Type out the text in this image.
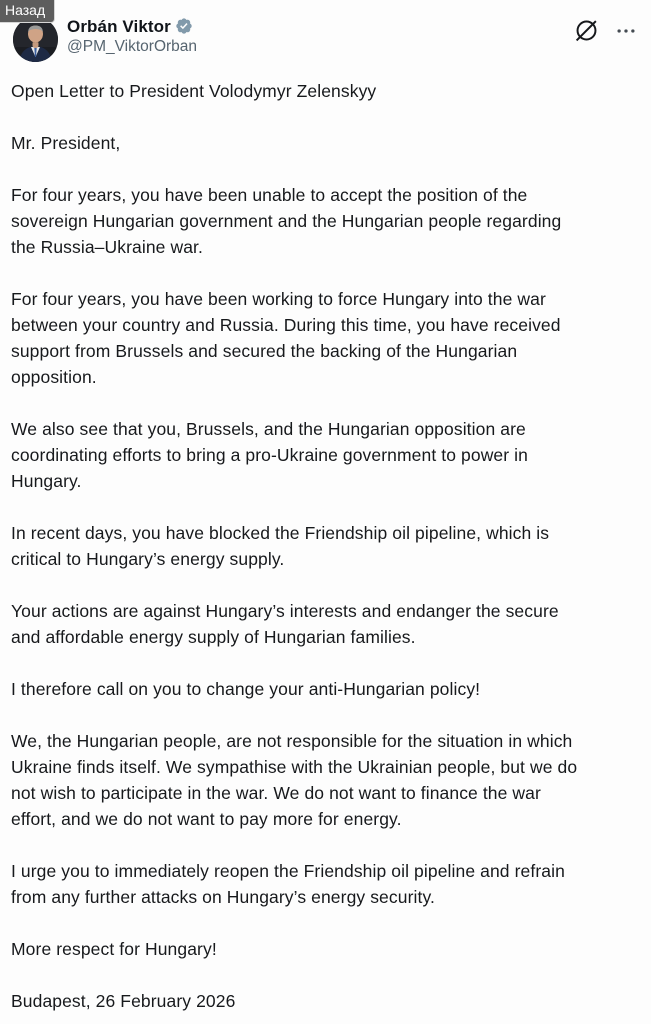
Назад
Orbán Viktor
@PM_ViktorOrban
Open Letter to President Volodymyr Zelenskyy
Mr. President,
For four years, you have been unable to accept the position of the
sovereign Hungarian government and the Hungarian people regarding
the Russia–Ukraine war.
For four years, you have been working to force Hungary into the war
between your country and Russia. During this time, you have received
support from Brussels and secured the backing of the Hungarian
opposition.
We also see that you, Brussels, and the Hungarian opposition are
coordinating efforts to bring a pro-Ukraine government to power in
Hungary.
In recent days, you have blocked the Friendship oil pipeline, which is
critical to Hungary’s energy supply.
Your actions are against Hungary’s interests and endanger the secure
and affordable energy supply of Hungarian families.
I therefore call on you to change your anti-Hungarian policy!
We, the Hungarian people, are not responsible for the situation in which
Ukraine finds itself. We sympathise with the Ukrainian people, but we do
not wish to participate in the war. We do not want to finance the war
effort, and we do not want to pay more for energy.
I urge you to immediately reopen the Friendship oil pipeline and refrain
from any further attacks on Hungary’s energy security.
More respect for Hungary!
Budapest, 26 February 2026
